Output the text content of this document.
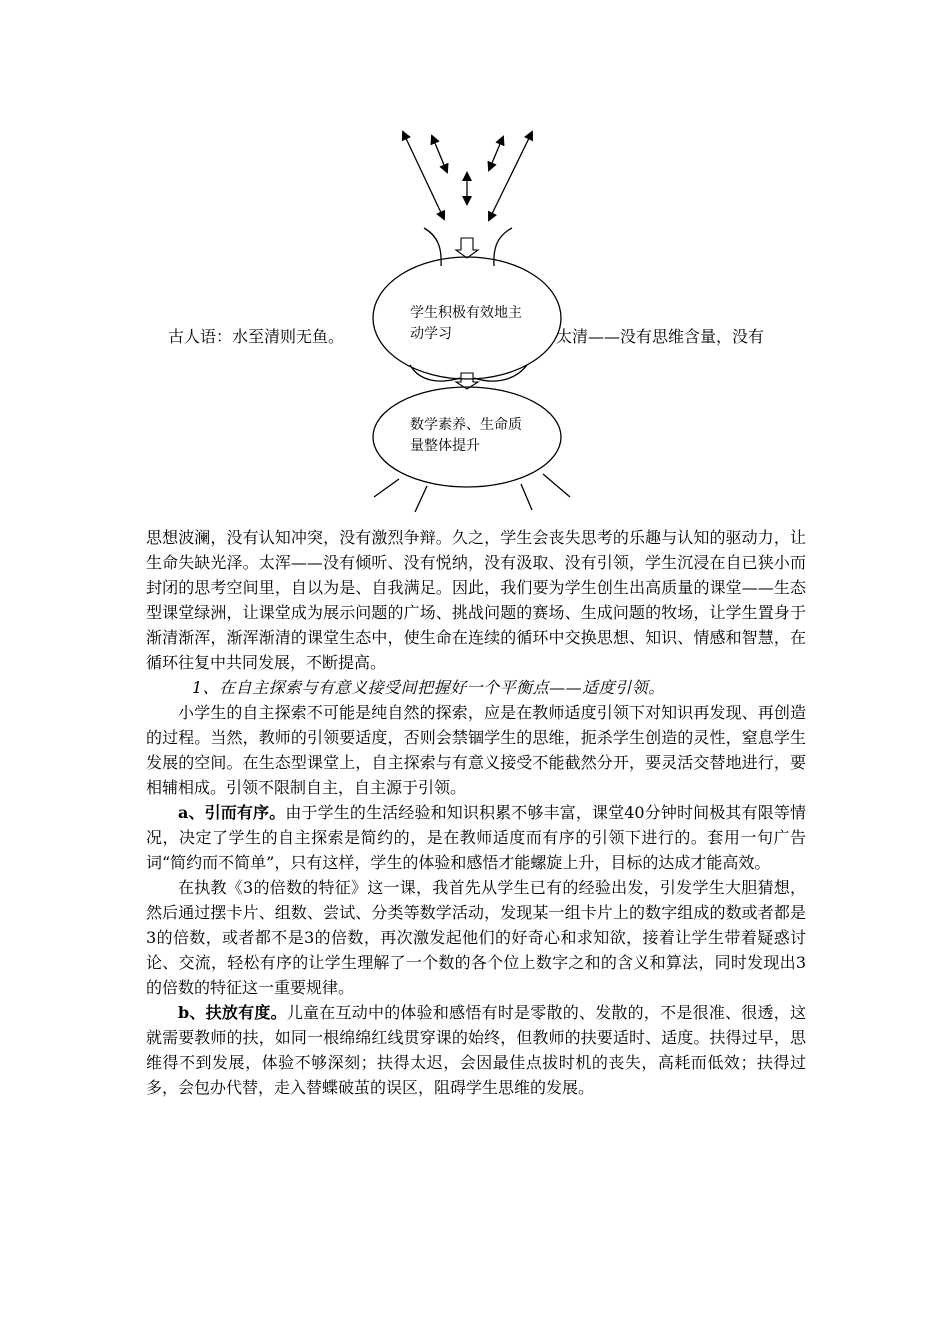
学生积极有效地主动学习
数学素养、生命质量整体提升
古人语：水至清则无鱼。	太清——没有思维含量，没有

思想波澜，没有认知冲突，没有激烈争辩。久之，学生会丧失思考的乐趣与认知的驱动力，让生命失缺光泽。太浑——没有倾听、没有悦纳，没有汲取、没有引领，学生沉浸在自已狭小而封闭的思考空间里，自以为是、自我满足。因此，我们要为学生创生出高质量的课堂——生态型课堂绿洲，让课堂成为展示问题的广场、挑战问题的赛场、生成问题的牧场，让学生置身于渐清渐浑，渐浑渐清的课堂生态中，使生命在连续的循环中交换思想、知识、情感和智慧，在循环往复中共同发展，不断提高。

1、在自主探索与有意义接受间把握好一个平衡点——适度引领。

小学生的自主探索不可能是纯自然的探索，应是在教师适度引领下对知识再发现、再创造的过程。当然，教师的引领要适度，否则会禁锢学生的思维，扼杀学生创造的灵性，窒息学生发展的空间。在生态型课堂上，自主探索与有意义接受不能截然分开，要灵活交替地进行，要相辅相成。引领不限制自主，自主源于引领。

a、引而有序。由于学生的生活经验和知识积累不够丰富，课堂40分钟时间极其有限等情况，决定了学生的自主探索是简约的，是在教师适度而有序的引领下进行的。套用一句广告词“简约而不简单”，只有这样，学生的体验和感悟才能螺旋上升，目标的达成才能高效。

在执教《3的倍数的特征》这一课，我首先从学生已有的经验出发，引发学生大胆猜想，然后通过摆卡片、组数、尝试、分类等数学活动，发现某一组卡片上的数字组成的数或者都是3的倍数，或者都不是3的倍数，再次激发起他们的好奇心和求知欲，接着让学生带着疑惑讨论、交流，轻松有序的让学生理解了一个数的各个位上数字之和的含义和算法，同时发现出3的倍数的特征这一重要规律。

b、扶放有度。儿童在互动中的体验和感悟有时是零散的、发散的，不是很准、很透，这就需要教师的扶，如同一根绵绵红线贯穿课的始终，但教师的扶要适时、适度。扶得过早，思维得不到发展，体验不够深刻；扶得太迟，会因最佳点拔时机的丧失，高耗而低效；扶得过多，会包办代替，走入替蝶破茧的误区，阻碍学生思维的发展。
